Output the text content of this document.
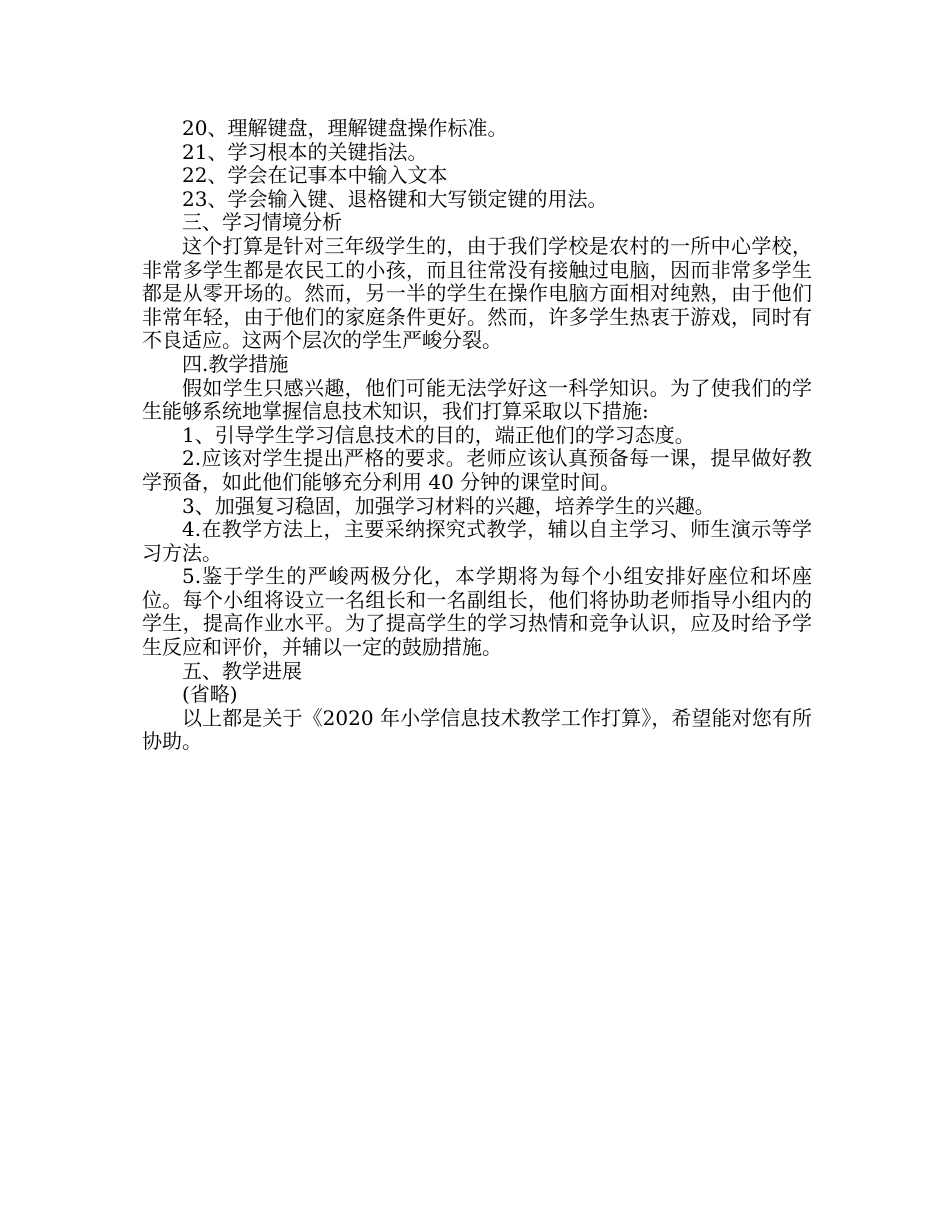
20、理解键盘，理解键盘操作标准。

21、学习根本的关键指法。

22、学会在记事本中输入文本

23、学会输入键、退格键和大写锁定键的用法。

三、学习情境分析

这个打算是针对三年级学生的，由于我们学校是农村的一所中心学校，非常多学生都是农民工的小孩，而且往常没有接触过电脑，因而非常多学生都是从零开场的。然而，另一半的学生在操作电脑方面相对纯熟，由于他们非常年轻，由于他们的家庭条件更好。然而，许多学生热衷于游戏，同时有不良适应。这两个层次的学生严峻分裂。

四.教学措施

假如学生只感兴趣，他们可能无法学好这一科学知识。为了使我们的学生能够系统地掌握信息技术知识，我们打算采取以下措施:

1、引导学生学习信息技术的目的，端正他们的学习态度。

2.应该对学生提出严格的要求。老师应该认真预备每一课，提早做好教学预备，如此他们能够充分利用 40 分钟的课堂时间。

3、加强复习稳固，加强学习材料的兴趣，培养学生的兴趣。

4.在教学方法上，主要采纳探究式教学，辅以自主学习、师生演示等学习方法。

5.鉴于学生的严峻两极分化，本学期将为每个小组安排好座位和坏座位。每个小组将设立一名组长和一名副组长，他们将协助老师指导小组内的学生，提高作业水平。为了提高学生的学习热情和竞争认识，应及时给予学生反应和评价，并辅以一定的鼓励措施。

五、教学进展

(省略)

以上都是关于《2020 年小学信息技术教学工作打算》，希望能对您有所协助。
